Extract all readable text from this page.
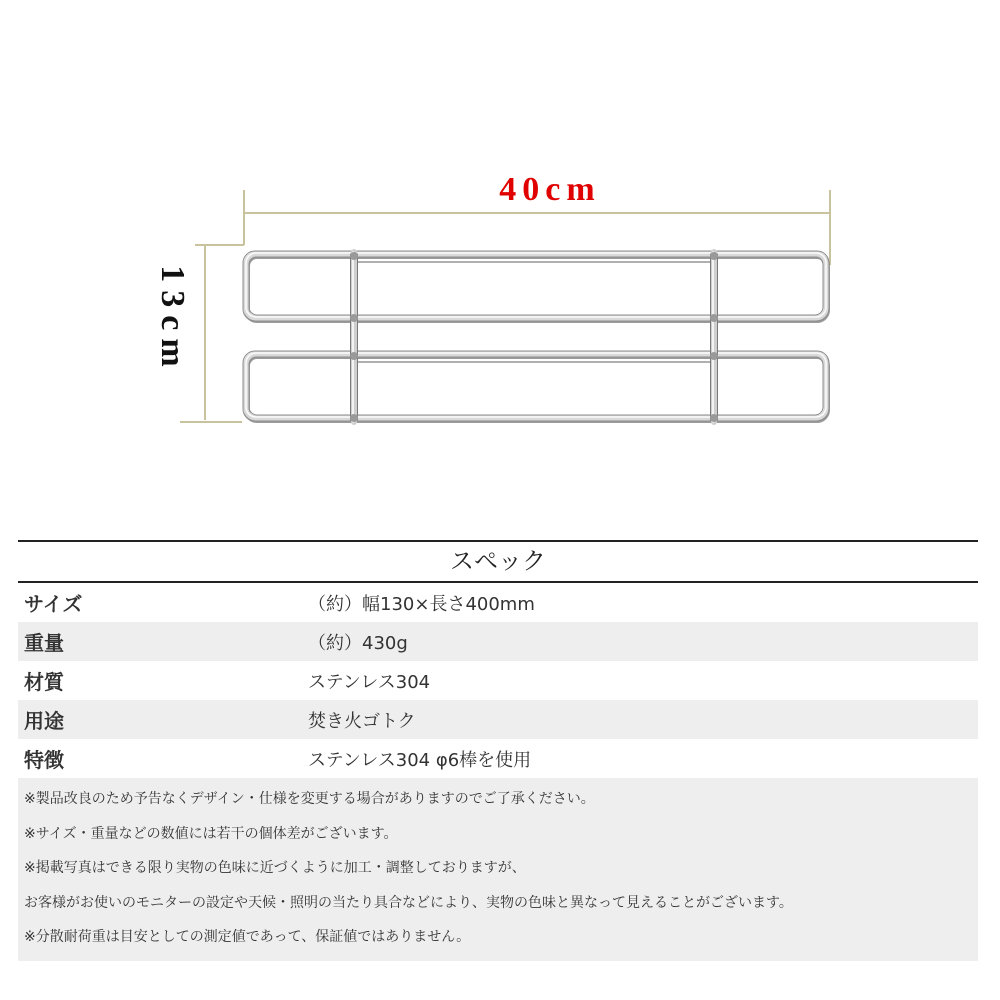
40cm
13cm
スペック
サイズ	（約）幅130×長さ400mm
重量	（約）430g
材質	ステンレス304
用途	焚き火ゴトク
特徴	ステンレス304 φ6棒を使用
※製品改良のため予告なくデザイン・仕様を変更する場合がありますのでご了承ください。
※サイズ・重量などの数値には若干の個体差がございます。
※掲載写真はできる限り実物の色味に近づくように加工・調整しておりますが、
お客様がお使いのモニターの設定や天候・照明の当たり具合などにより、実物の色味と異なって見えることがございます。
※分散耐荷重は目安としての測定値であって、保証値ではありません。
